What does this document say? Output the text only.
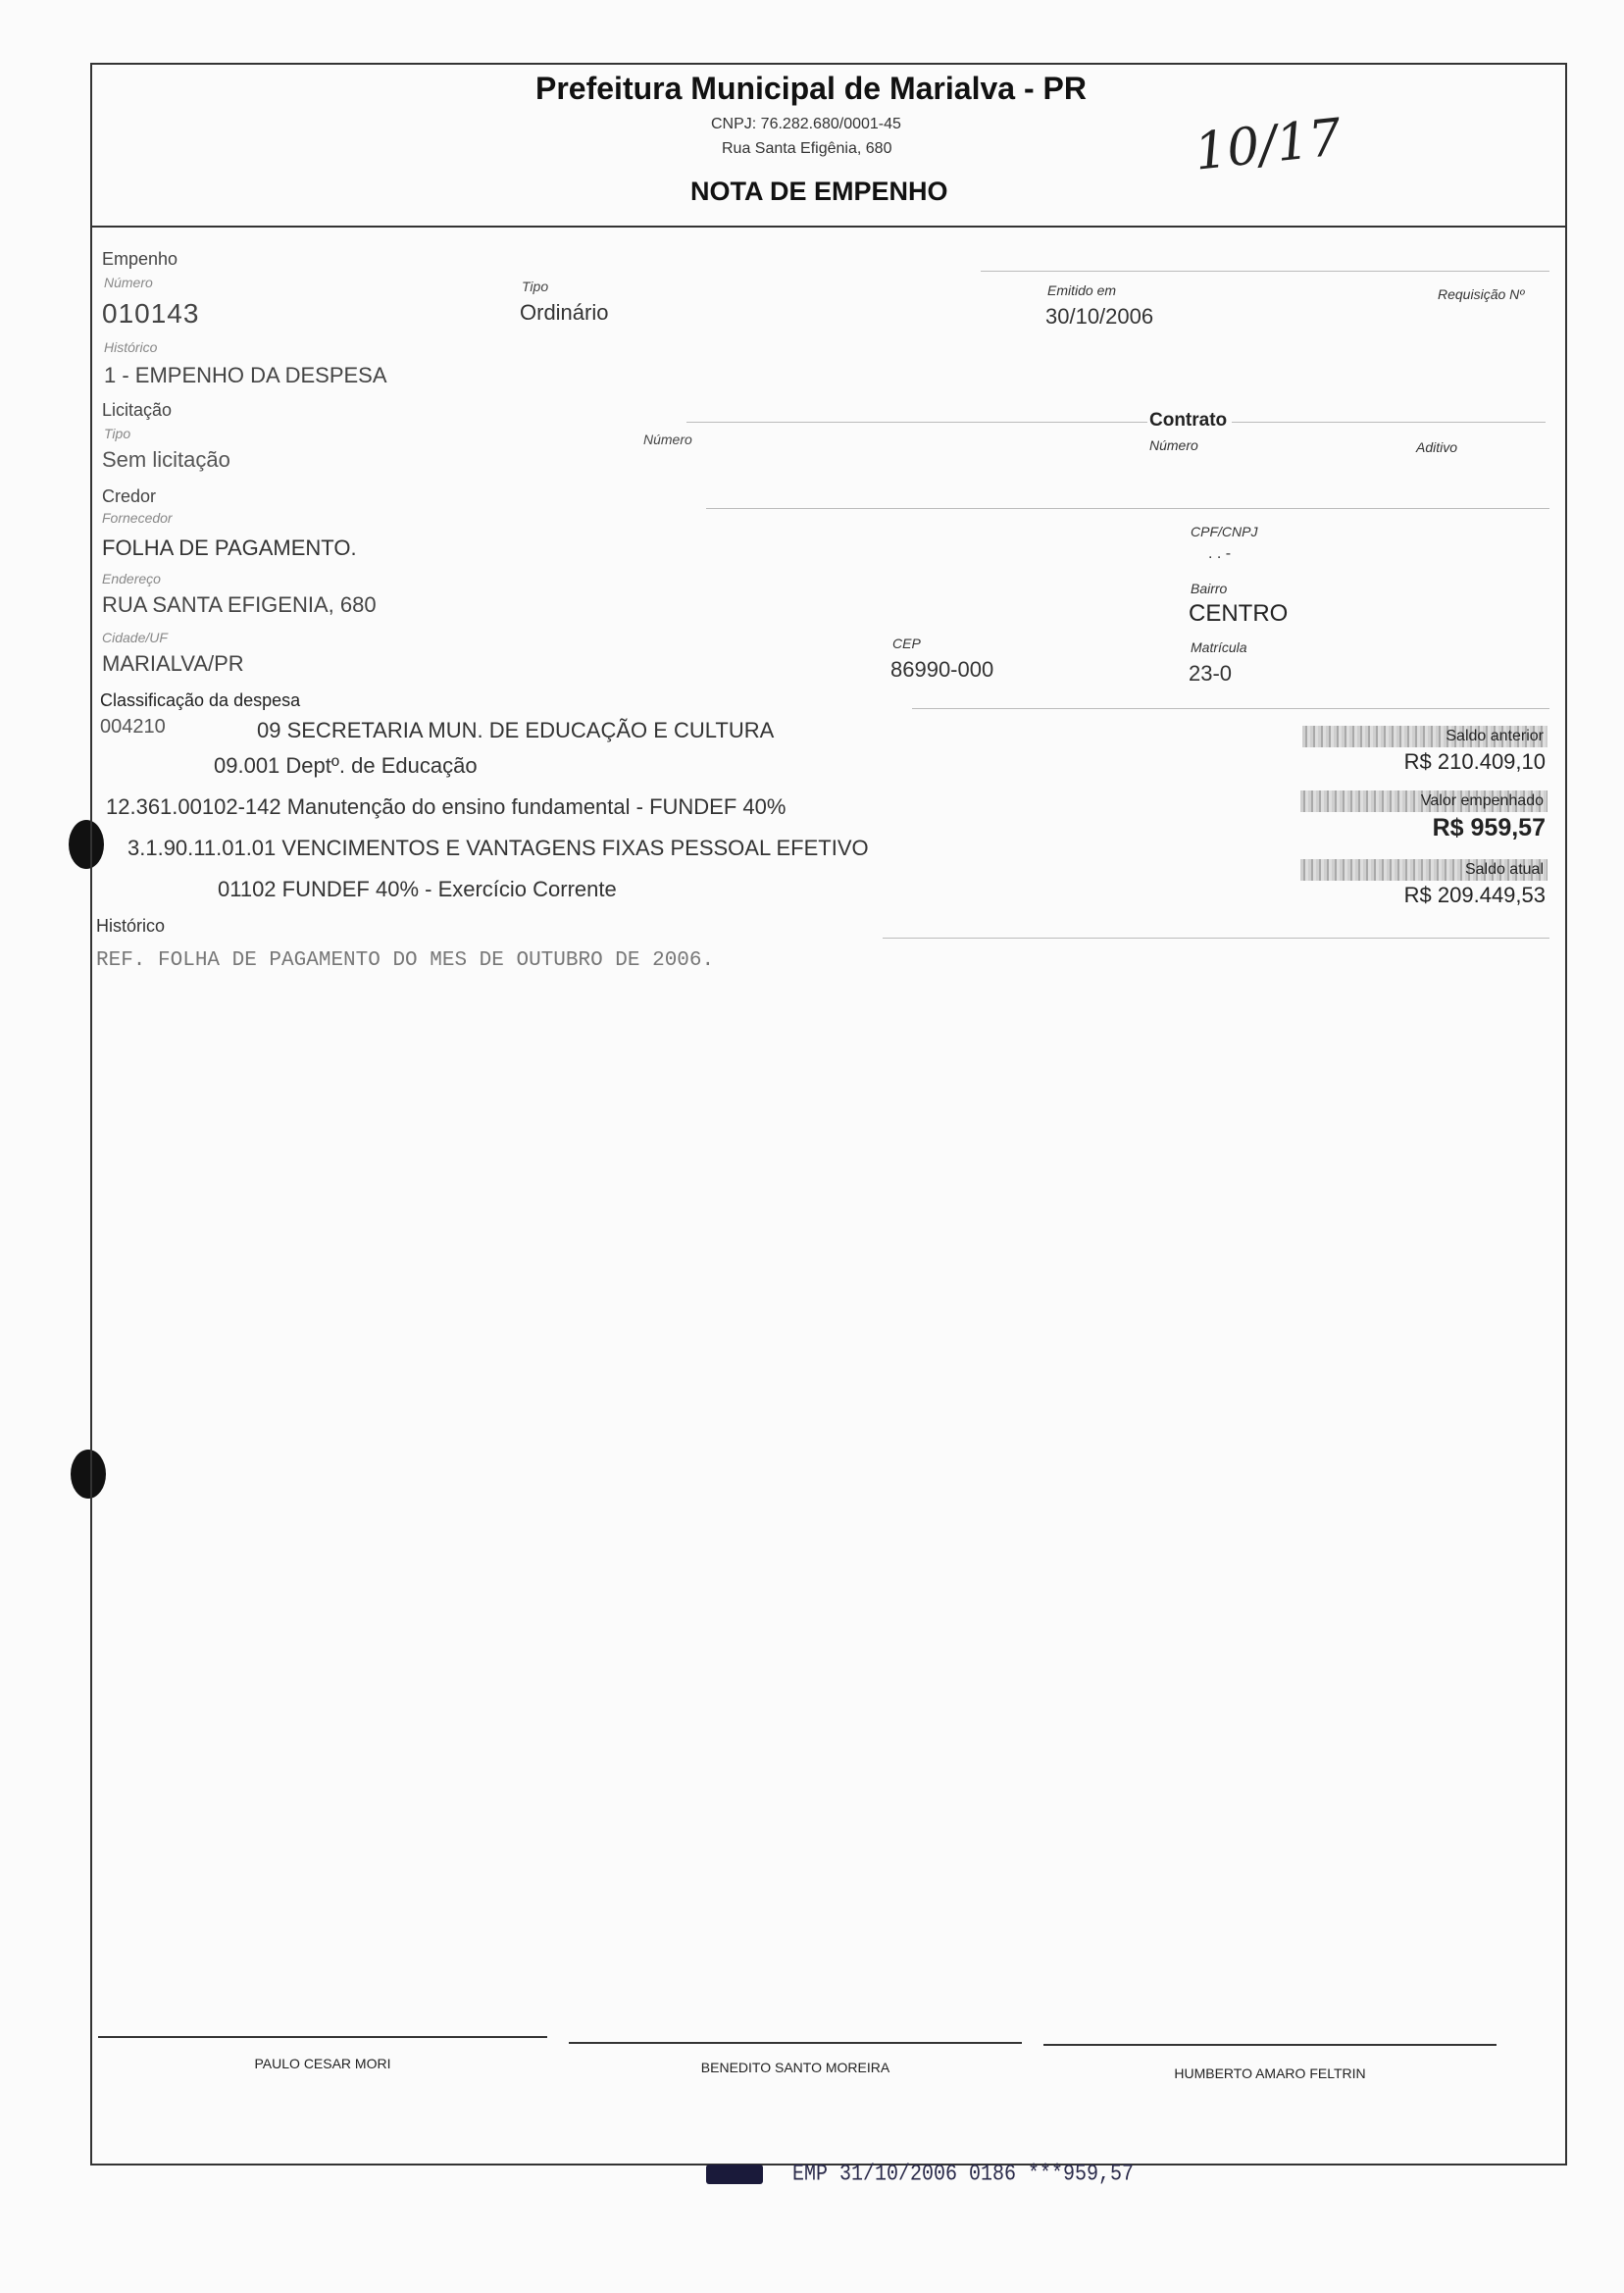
Prefeitura Municipal de Marialva - PR
CNPJ: 76.282.680/0001-45
Rua Santa Efigênia, 680
NOTA DE EMPENHO
10/17
Empenho
Número
010143
Tipo
Ordinário
Emitido em
30/10/2006
Requisição Nº
Histórico
1 - EMPENHO DA DESPESA
Licitação
Tipo
Sem licitação
Número
Contrato
Número	Aditivo
Credor
Fornecedor
FOLHA DE PAGAMENTO.
CPF/CNPJ
. . -
Endereço
RUA SANTA EFIGENIA, 680
Bairro
CENTRO
Cidade/UF
MARIALVA/PR
CEP
86990-000
Matrícula
23-0
Classificação da despesa
004210	09 SECRETARIA MUN. DE EDUCAÇÃO E CULTURA
09.001 Deptº. de Educação
12.361.00102-142 Manutenção do ensino fundamental - FUNDEF 40%
3.1.90.11.01.01 VENCIMENTOS E VANTAGENS FIXAS PESSOAL EFETIVO
01102 FUNDEF 40% - Exercício Corrente
Saldo anterior
R$ 210.409,10
Valor empenhado
R$ 959,57
Saldo atual
R$ 209.449,53
Histórico
REF. FOLHA DE PAGAMENTO DO MES DE OUTUBRO DE 2006.
PAULO CESAR MORI	BENEDITO SANTO MOREIRA	HUMBERTO AMARO FELTRIN
EMP 31/10/2006 0186 ***959,57
